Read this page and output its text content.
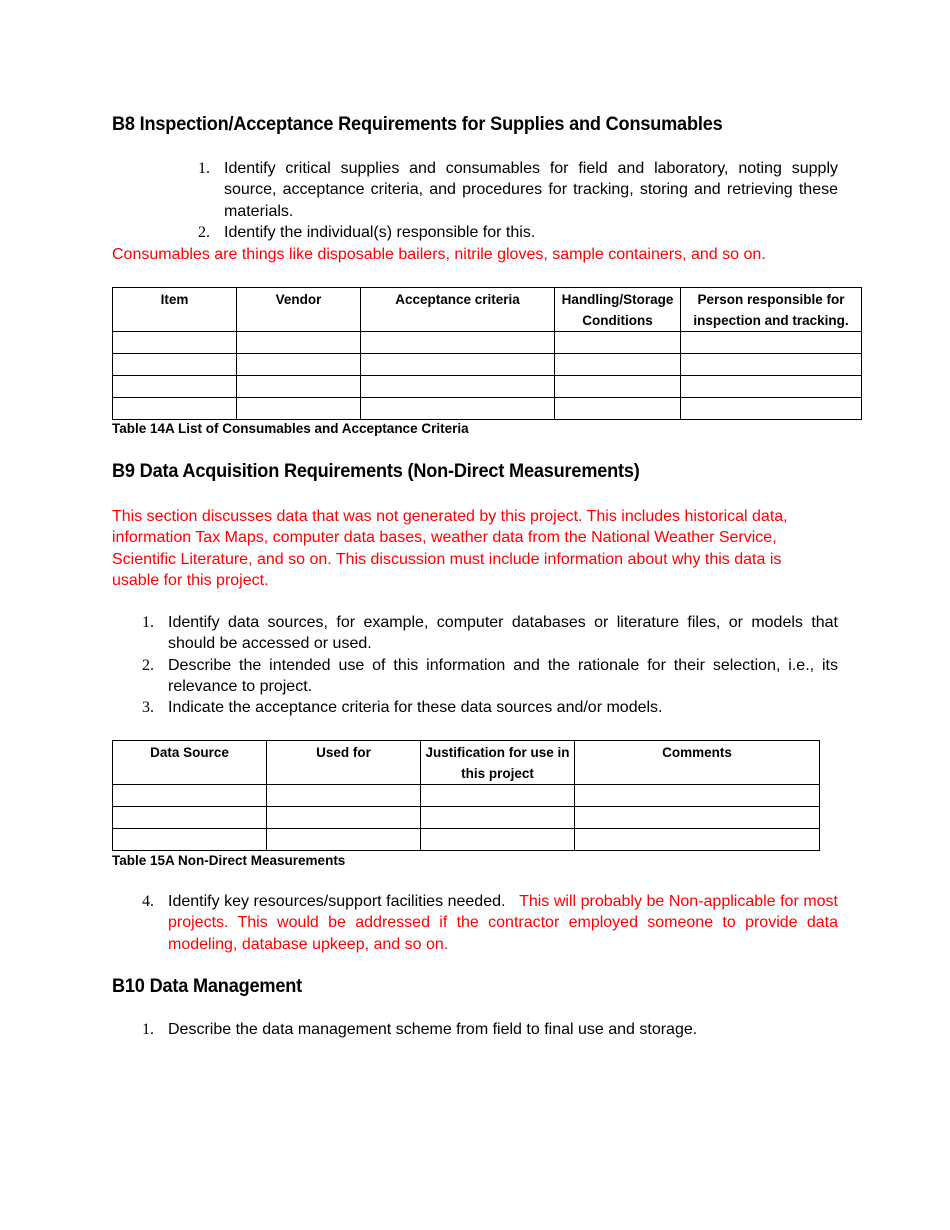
B8 Inspection/Acceptance Requirements for Supplies and Consumables
1. Identify critical supplies and consumables for field and laboratory, noting supply source, acceptance criteria, and procedures for tracking, storing and retrieving these materials.
2. Identify the individual(s) responsible for this.

Consumables are things like disposable bailers, nitrile gloves, sample containers, and so on.

Item	Vendor	Acceptance criteria	Handling/Storage Conditions	Person responsible for inspection and tracking.

Table 14A List of Consumables and Acceptance Criteria

B9 Data Acquisition Requirements (Non-Direct Measurements)

This section discusses data that was not generated by this project. This includes historical data, information Tax Maps, computer data bases, weather data from the National Weather Service, Scientific Literature, and so on. This discussion must include information about why this data is usable for this project.

1. Identify data sources, for example, computer databases or literature files, or models that should be accessed or used.
2. Describe the intended use of this information and the rationale for their selection, i.e., its relevance to project.
3. Indicate the acceptance criteria for these data sources and/or models.
Data Source	Used for	Justification for use in this project	Comments

Table 15A Non-Direct Measurements

4. Identify key resources/support facilities needed.   This will probably be Non-applicable for most projects. This would be addressed if the contractor employed someone to provide data modeling, database upkeep, and so on.
B10 Data Management
1. Describe the data management scheme from field to final use and storage.
